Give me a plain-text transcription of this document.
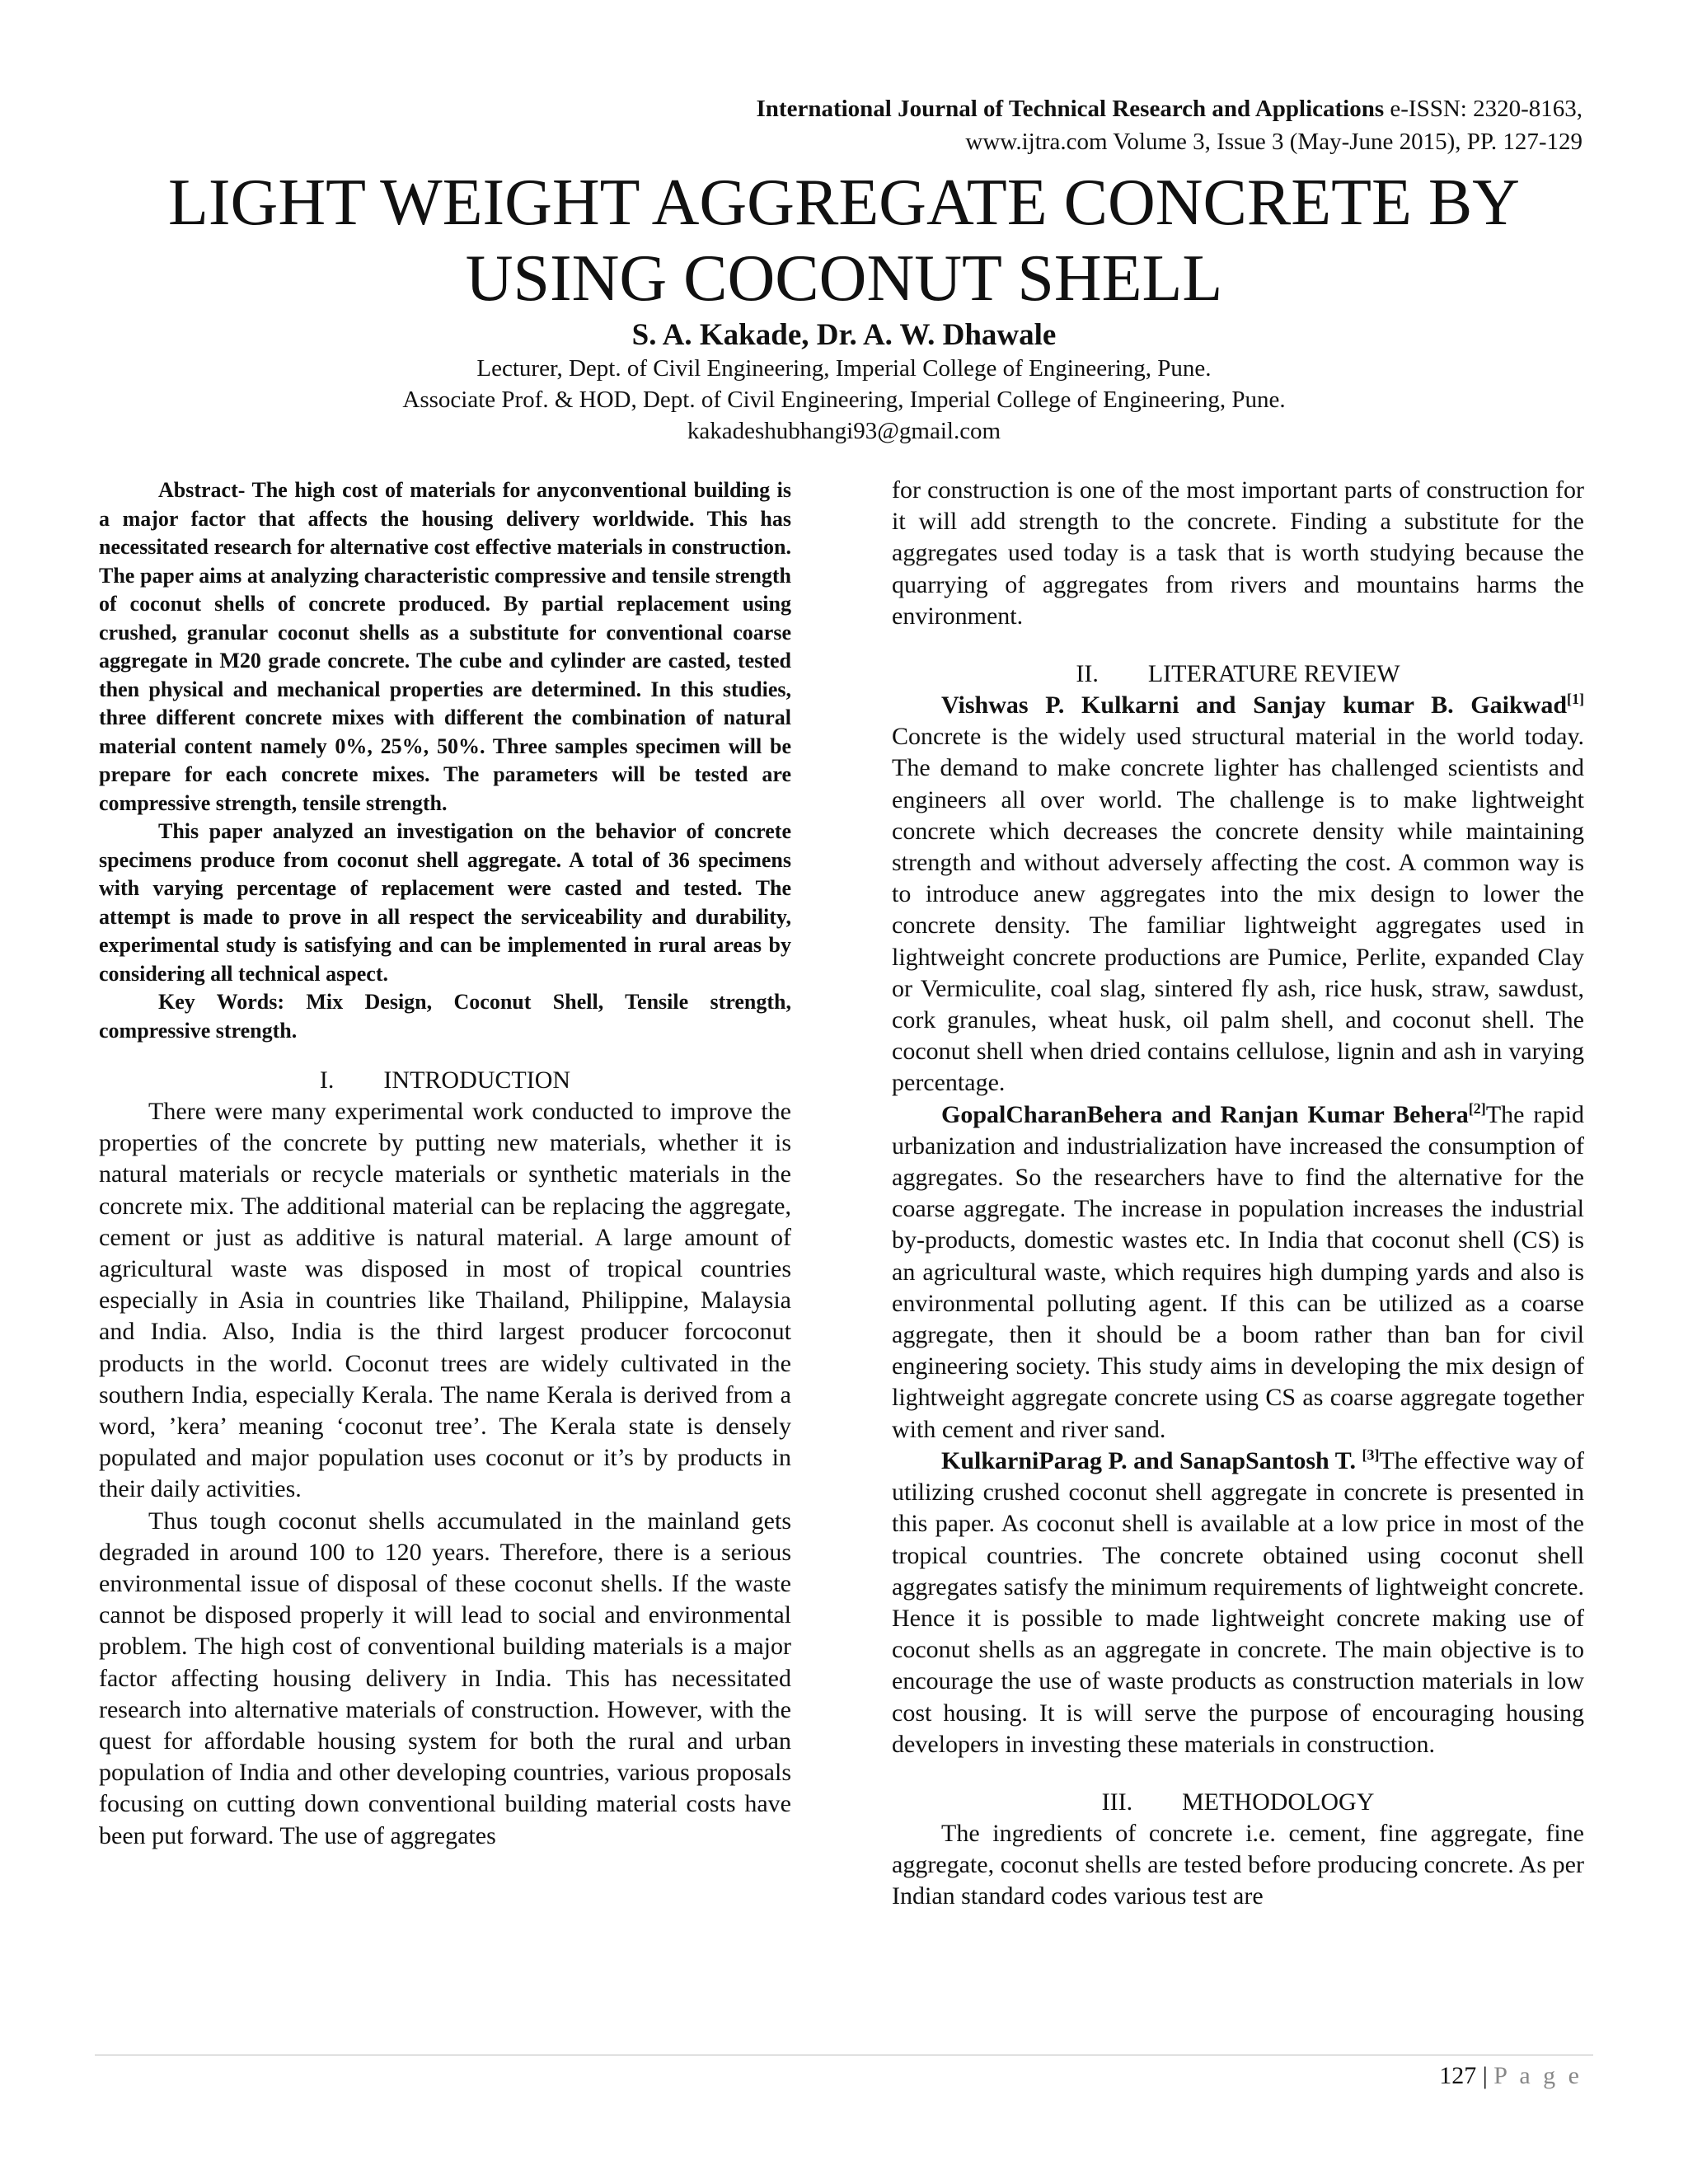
International Journal of Technical Research and Applications e-ISSN: 2320-8163,
www.ijtra.com Volume 3, Issue 3 (May-June 2015), PP. 127-129
LIGHT WEIGHT AGGREGATE CONCRETE BY
USING COCONUT SHELL
S. A. Kakade, Dr. A. W. Dhawale
Lecturer, Dept. of Civil Engineering, Imperial College of Engineering, Pune.
Associate Prof. & HOD, Dept. of Civil Engineering, Imperial College of Engineering, Pune.
kakadeshubhangi93@gmail.com

Abstract- The high cost of materials for anyconventional building is a major factor that affects the housing delivery worldwide. This has necessitated research for alternative cost effective materials in construction. The paper aims at analyzing characteristic compressive and tensile strength of coconut shells of concrete produced. By partial replacement using crushed, granular coconut shells as a substitute for conventional coarse aggregate in M20 grade concrete. The cube and cylinder are casted, tested then physical and mechanical properties are determined. In this studies, three different concrete mixes with different the combination of natural material content namely 0%, 25%, 50%. Three samples specimen will be prepare for each concrete mixes. The parameters will be tested are compressive strength, tensile strength.

This paper analyzed an investigation on the behavior of concrete specimens produce from coconut shell aggregate. A total of 36 specimens with varying percentage of replacement were casted and tested. The attempt is made to prove in all respect the serviceability and durability, experimental study is satisfying and can be implemented in rural areas by considering all technical aspect.

Key Words: Mix Design, Coconut Shell, Tensile strength, compressive strength.

I. INTRODUCTION

There were many experimental work conducted to improve the properties of the concrete by putting new materials, whether it is natural materials or recycle materials or synthetic materials in the concrete mix. The additional material can be replacing the aggregate, cement or just as additive is natural material. A large amount of agricultural waste was disposed in most of tropical countries especially in Asia in countries like Thailand, Philippine, Malaysia and India. Also, India is the third largest producer forcoconut products in the world. Coconut trees are widely cultivated in the southern India, especially Kerala. The name Kerala is derived from a word, ’kera’ meaning ‘coconut tree’. The Kerala state is densely populated and major population uses coconut or it’s by products in their daily activities.

Thus tough coconut shells accumulated in the mainland gets degraded in around 100 to 120 years. Therefore, there is a serious environmental issue of disposal of these coconut shells. If the waste cannot be disposed properly it will lead to social and environmental problem. The high cost of conventional building materials is a major factor affecting housing delivery in India. This has necessitated research into alternative materials of construction. However, with the quest for affordable housing system for both the rural and urban population of India and other developing countries, various proposals focusing on cutting down conventional building material costs have been put forward. The use of aggregates

for construction is one of the most important parts of construction for it will add strength to the concrete. Finding a substitute for the aggregates used today is a task that is worth studying because the quarrying of aggregates from rivers and mountains harms the environment.

II. LITERATURE REVIEW

Vishwas P. Kulkarni and Sanjay kumar B. Gaikwad[1] Concrete is the widely used structural material in the world today. The demand to make concrete lighter has challenged scientists and engineers all over world. The challenge is to make lightweight concrete which decreases the concrete density while maintaining strength and without adversely affecting the cost. A common way is to introduce anew aggregates into the mix design to lower the concrete density. The familiar lightweight aggregates used in lightweight concrete productions are Pumice, Perlite, expanded Clay or Vermiculite, coal slag, sintered fly ash, rice husk, straw, sawdust, cork granules, wheat husk, oil palm shell, and coconut shell. The coconut shell when dried contains cellulose, lignin and ash in varying percentage.

GopalCharanBehera and Ranjan Kumar Behera[2]The rapid urbanization and industrialization have increased the consumption of aggregates. So the researchers have to find the alternative for the coarse aggregate. The increase in population increases the industrial by-products, domestic wastes etc. In India that coconut shell (CS) is an agricultural waste, which requires high dumping yards and also is environmental polluting agent. If this can be utilized as a coarse aggregate, then it should be a boom rather than ban for civil engineering society. This study aims in developing the mix design of lightweight aggregate concrete using CS as coarse aggregate together with cement and river sand.

KulkarniParag P. and SanapSantosh T. [3]The effective way of utilizing crushed coconut shell aggregate in concrete is presented in this paper. As coconut shell is available at a low price in most of the tropical countries. The concrete obtained using coconut shell aggregates satisfy the minimum requirements of lightweight concrete. Hence it is possible to made lightweight concrete making use of coconut shells as an aggregate in concrete. The main objective is to encourage the use of waste products as construction materials in low cost housing. It is will serve the purpose of encouraging housing developers in investing these materials in construction.

III. METHODOLOGY

The ingredients of concrete i.e. cement, fine aggregate, fine aggregate, coconut shells are tested before producing concrete. As per Indian standard codes various test are

127 | P a g e
